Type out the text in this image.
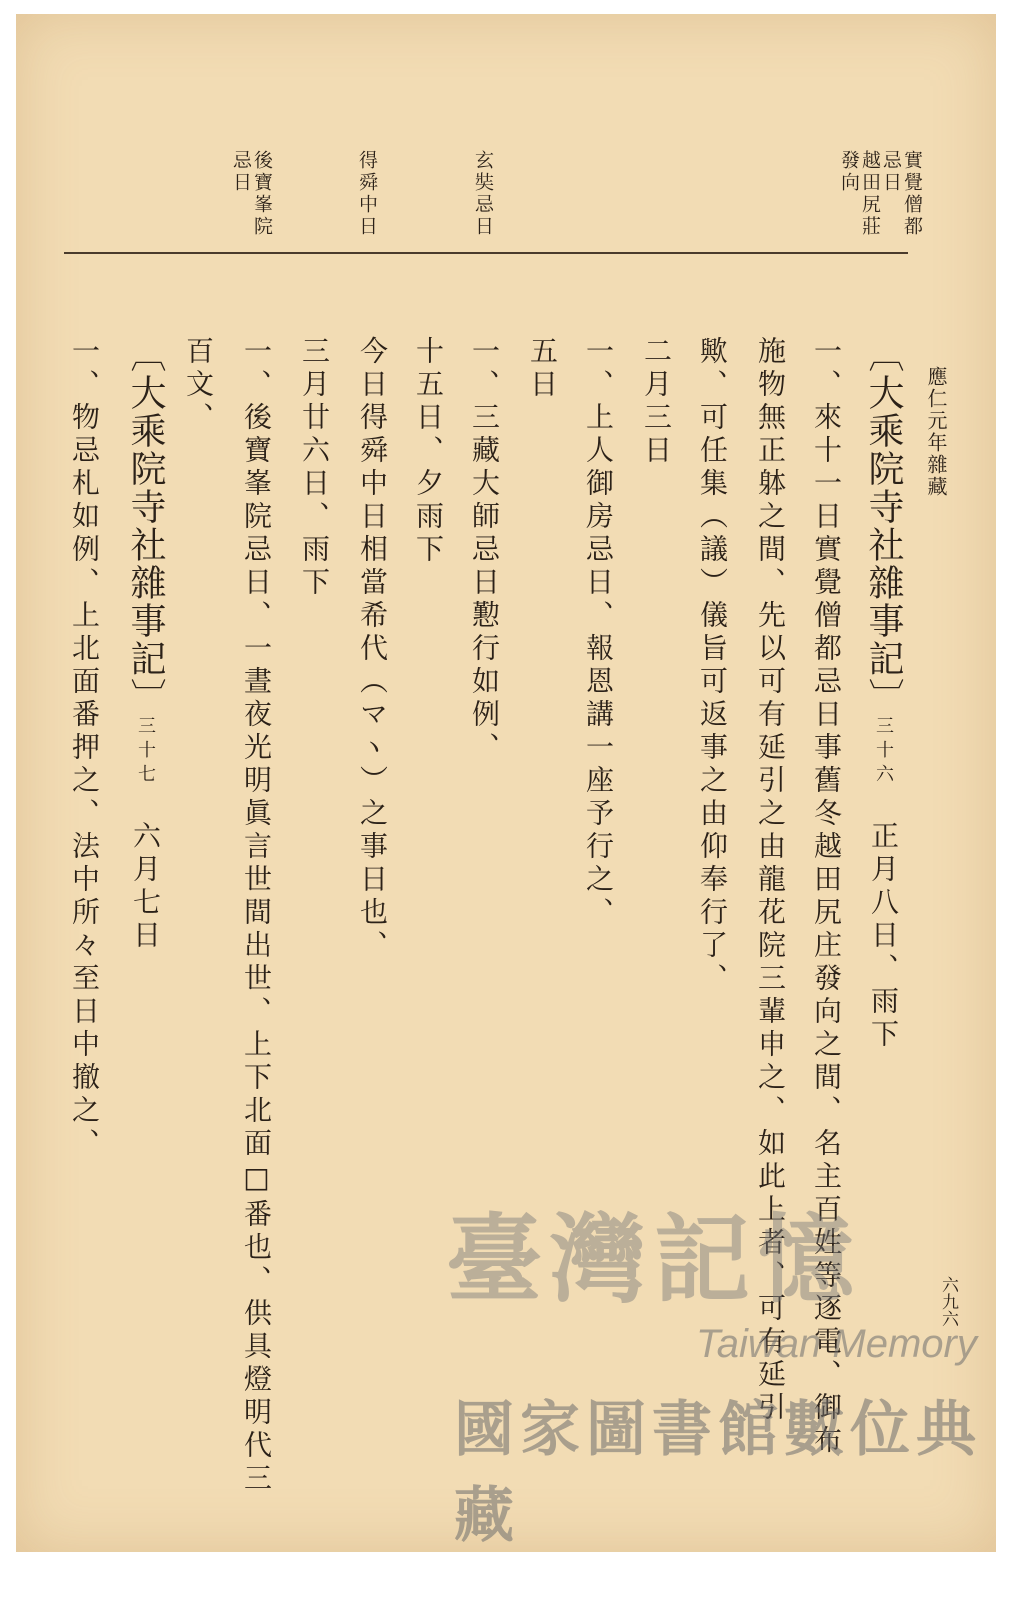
應仁元年雜藏
六九六
實覺僧都
忌日
越田尻莊
發向
玄奘忌日
得舜中日
後寶峯院
忌日
〔大乘院寺社雜事記〕三十六　正月八日、雨下
一、來十一日實覺僧都忌日事舊冬越田尻庄發向之間、名主百姓等逐電、御布
施物無正躰之間、先以可有延引之由龍花院三輩申之、如此上者、可有延引
歟、可任集（議）儀旨可返事之由仰奉行了、
二月三日
一、上人御房忌日、報恩講一座予行之、
五日
一、三藏大師忌日懃行如例、
十五日、夕雨下
今日得舜中日相當希代（マヽ）之事日也、
三月廿六日、雨下
一、後寶峯院忌日、一晝夜光明眞言世間出世、上下北面□番也、供具燈明代三
百文、
〔大乘院寺社雜事記〕三十七　六月七日
一、物忌札如例、上北面番押之、法中所々至日中撤之、
臺灣記憶
Taiwan Memory
國家圖書館數位典藏
